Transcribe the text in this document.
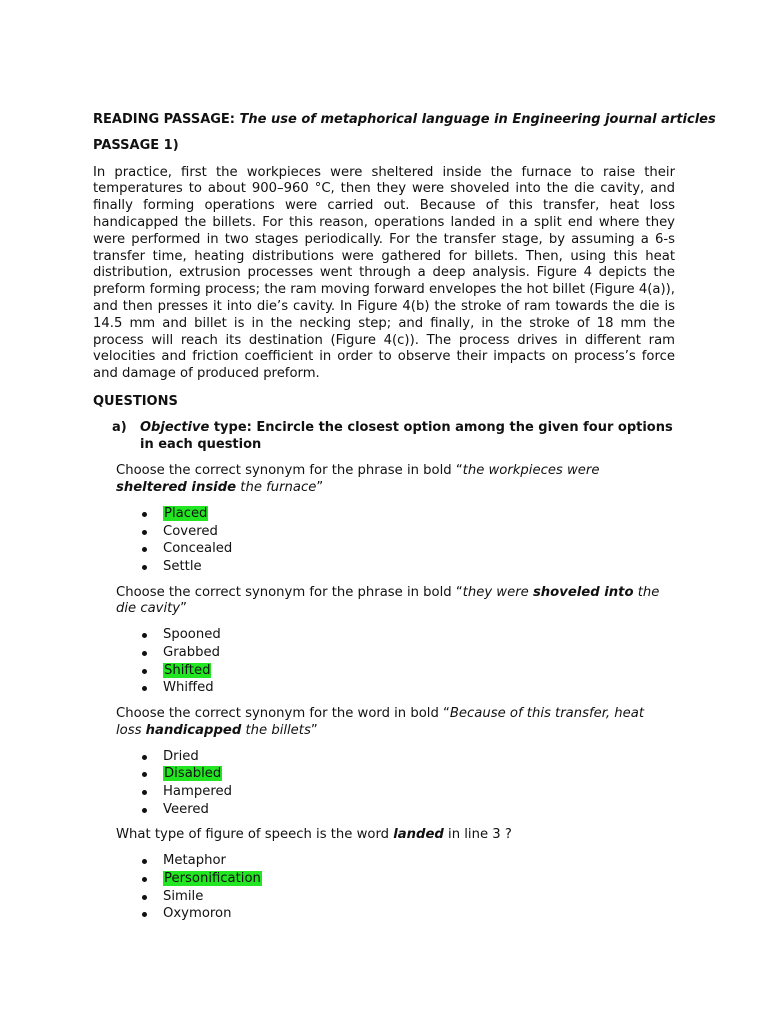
READING PASSAGE: The use of metaphorical language in Engineering journal articles

PASSAGE 1)

In practice, first the workpieces were sheltered inside the furnace to raise their temperatures to about 900–960 °C, then they were shoveled into the die cavity, and finally forming operations were carried out. Because of this transfer, heat loss handicapped the billets. For this reason, operations landed in a split end where they were performed in two stages periodically. For the transfer stage, by assuming a 6-s transfer time, heating distributions were gathered for billets. Then, using this heat distribution, extrusion processes went through a deep analysis. Figure 4 depicts the preform forming process; the ram moving forward envelopes the hot billet (Figure 4(a)), and then presses it into die’s cavity. In Figure 4(b) the stroke of ram towards the die is 14.5 mm and billet is in the necking step; and finally, in the stroke of 18 mm the process will reach its destination (Figure 4(c)). The process drives in different ram velocities and friction coefficient in order to observe their impacts on process’s force and damage of produced preform.

QUESTIONS

a) Objective type: Encircle the closest option among the given four options in each question

Choose the correct synonym for the phrase in bold “the workpieces were sheltered inside the furnace”

Placed
Covered
Concealed
Settle

Choose the correct synonym for the phrase in bold “they were shoveled into the die cavity”

Spooned
Grabbed
Shifted
Whiffed

Choose the correct synonym for the word in bold “Because of this transfer, heat loss handicapped the billets”

Dried
Disabled
Hampered
Veered

What type of figure of speech is the word landed in line 3 ?

Metaphor
Personification
Simile
Oxymoron
